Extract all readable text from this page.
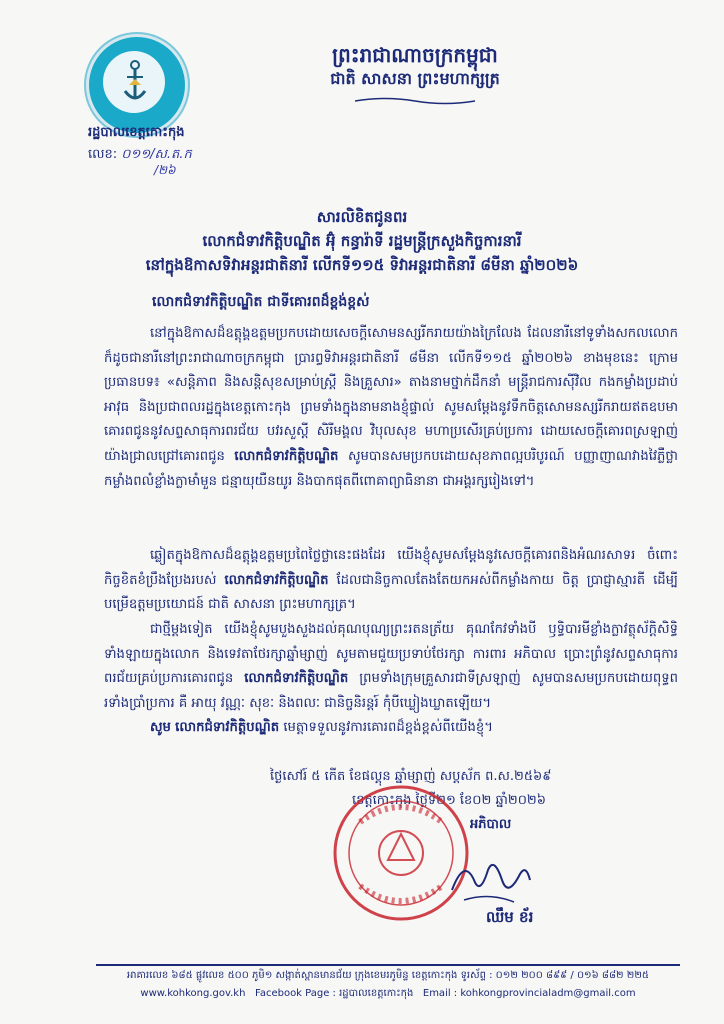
រដ្ឋបាលខេត្តកោះកុង
លេខ: ០១១/ស.ត.ក
/២៦
ព្រះរាជាណាចក្រកម្ពុជា
ជាតិ សាសនា ព្រះមហាក្សត្រ
សារលិខិតជូនពរ
លោកជំទាវកិត្តិបណ្ឌិត អ៊ុំ កន្ធារ៉ាទី រដ្ឋមន្ត្រីក្រសួងកិច្ចការនារី
នៅក្នុងឱកាសទិវាអន្តរជាតិនារី លើកទី១១៥ ទិវាអន្តរជាតិនារី ៨មីនា ឆ្នាំ២០២៦
លោកជំទាវកិត្តិបណ្ឌិត ជាទីគោរពដ៏ខ្ពង់ខ្ពស់
នៅក្នុងឱកាសដ៏ឧត្តុង្គឧត្តមប្រកបដោយសេចក្តីសោមនស្សរីករាយយ៉ាងក្រៃលែង ដែលនារីនៅទូទាំងសកលលោក ក៏ដូចជានារីនៅព្រះរាជាណាចក្រកម្ពុជា ប្រារព្ធទិវាអន្តរជាតិនារី ៨មីនា លើកទី១១៥ ឆ្នាំ២០២៦ ខាងមុខនេះ ក្រោមប្រធានបទ៖ «សន្តិភាព និងសន្តិសុខសម្រាប់ស្ត្រី និងគ្រួសារ» តាងនាមថ្នាក់ដឹកនាំ មន្ត្រីរាជការស៊ីវិល កងកម្លាំងប្រដាប់អាវុធ និងប្រជាពលរដ្ឋក្នុងខេត្តកោះកុង ព្រមទាំងក្នុងនាមនាងខ្ញុំផ្ទាល់ សូមសម្តែងនូវទឹកចិត្តសោមនស្សរីករាយឥតឧបមា គោរពជូននូវសព្ទសាធុការពរជ័យ បវរសួស្តី សិរីមង្គល វិបុលសុខ មហាប្រសើរគ្រប់ប្រការ ដោយសេចក្តីគោរពស្រឡាញ់យ៉ាងជ្រាលជ្រៅគោរពជូន លោកជំទាវកិត្តិបណ្ឌិត សូមបានសមប្រកបដោយសុខភាពល្អបរិបូរណ៍ បញ្ញាញាណវាងវៃភ្លឺថ្លា កម្លាំងពលំខ្លាំងក្លាមាំមួន ជន្មាយុយឺនយូរ និងបាកផុតពីពោគាព្យាធិនានា ជាអង្គរក្សរៀងទៅ។
ឆ្លៀតក្នុងឱកាសដ៏ឧត្តុង្គឧត្តមប្រពៃថ្លៃថ្លានេះផងដែរ យើងខ្ញុំសូមសម្តែងនូវសេចក្តីគោរពនិងអំណរសាទរ ចំពោះកិច្ចខិតខំប្រឹងប្រែងរបស់ លោកជំទាវកិត្តិបណ្ឌិត ដែលជានិច្ចកាលតែងតែយកអស់ពីកម្លាំងកាយ ចិត្ត ប្រាជ្ញាស្មារតី ដើម្បីបម្រើឧត្តមប្រយោជន៍ ជាតិ សាសនា ព្រះមហាក្សត្រ។
ជាថ្មីម្តងទៀត យើងខ្ញុំសូមបួងសួងដល់គុណបុណ្យព្រះរតនត្រ័យ គុណកែវទាំងបី ឫទ្ធិបារមីខ្លាំងក្លាវត្ថុស័ក្តិសិទ្ធិទាំងឡាយក្នុងលោក និងទេវតាថែរក្សាឆ្នាំម្សាញ់ សូមតាមជួយប្រទាប់ថែរក្សា ការពារ អភិបាល ប្រោះព្រំនូវសព្ទសាធុការពរជ័យគ្រប់ប្រការគោរពជូន លោកជំទាវកិត្តិបណ្ឌិត ព្រមទាំងក្រុមគ្រួសារជាទីស្រឡាញ់ សូមបានសមប្រកបដោយពុទ្ធពរទាំងប្រាំប្រការ គឺ អាយុ វណ្ណៈ សុខៈ និងពលៈ ជានិច្ចនិរន្តរ៍ កុំបីឃ្លៀងឃ្លាតឡើយ។
សូម លោកជំទាវកិត្តិបណ្ឌិត មេត្តាទទួលនូវការគោរពដ៏ខ្ពង់ខ្ពស់ពីយើងខ្ញុំ។
ថ្ងៃសៅរ៍ ៥ កើត ខែផល្គុន ឆ្នាំម្សាញ់ សប្តស័ក ព.ស.២៥៦៩
ខេត្តកោះកុង ថ្ងៃទី២១ ខែ០២ ឆ្នាំ២០២៦
អភិបាល
ឈឹម ខ័រ
អាគារលេខ ៦៨៥ ផ្លូវលេខ ៥០០ ភូមិ១ សង្កាត់ស្ពានមានជ័យ ក្រុងខេមរភូមិន្ទ ខេត្តកោះកុង ទូរស័ព្ទ : ០១២ ២០០ ៨៩៩ / ០១៦ ៨៨២ ២២៥
www.kohkong.gov.kh Facebook Page : រដ្ឋបាលខេត្តកោះកុង Email : kohkongprovincialadm@gmail.com
